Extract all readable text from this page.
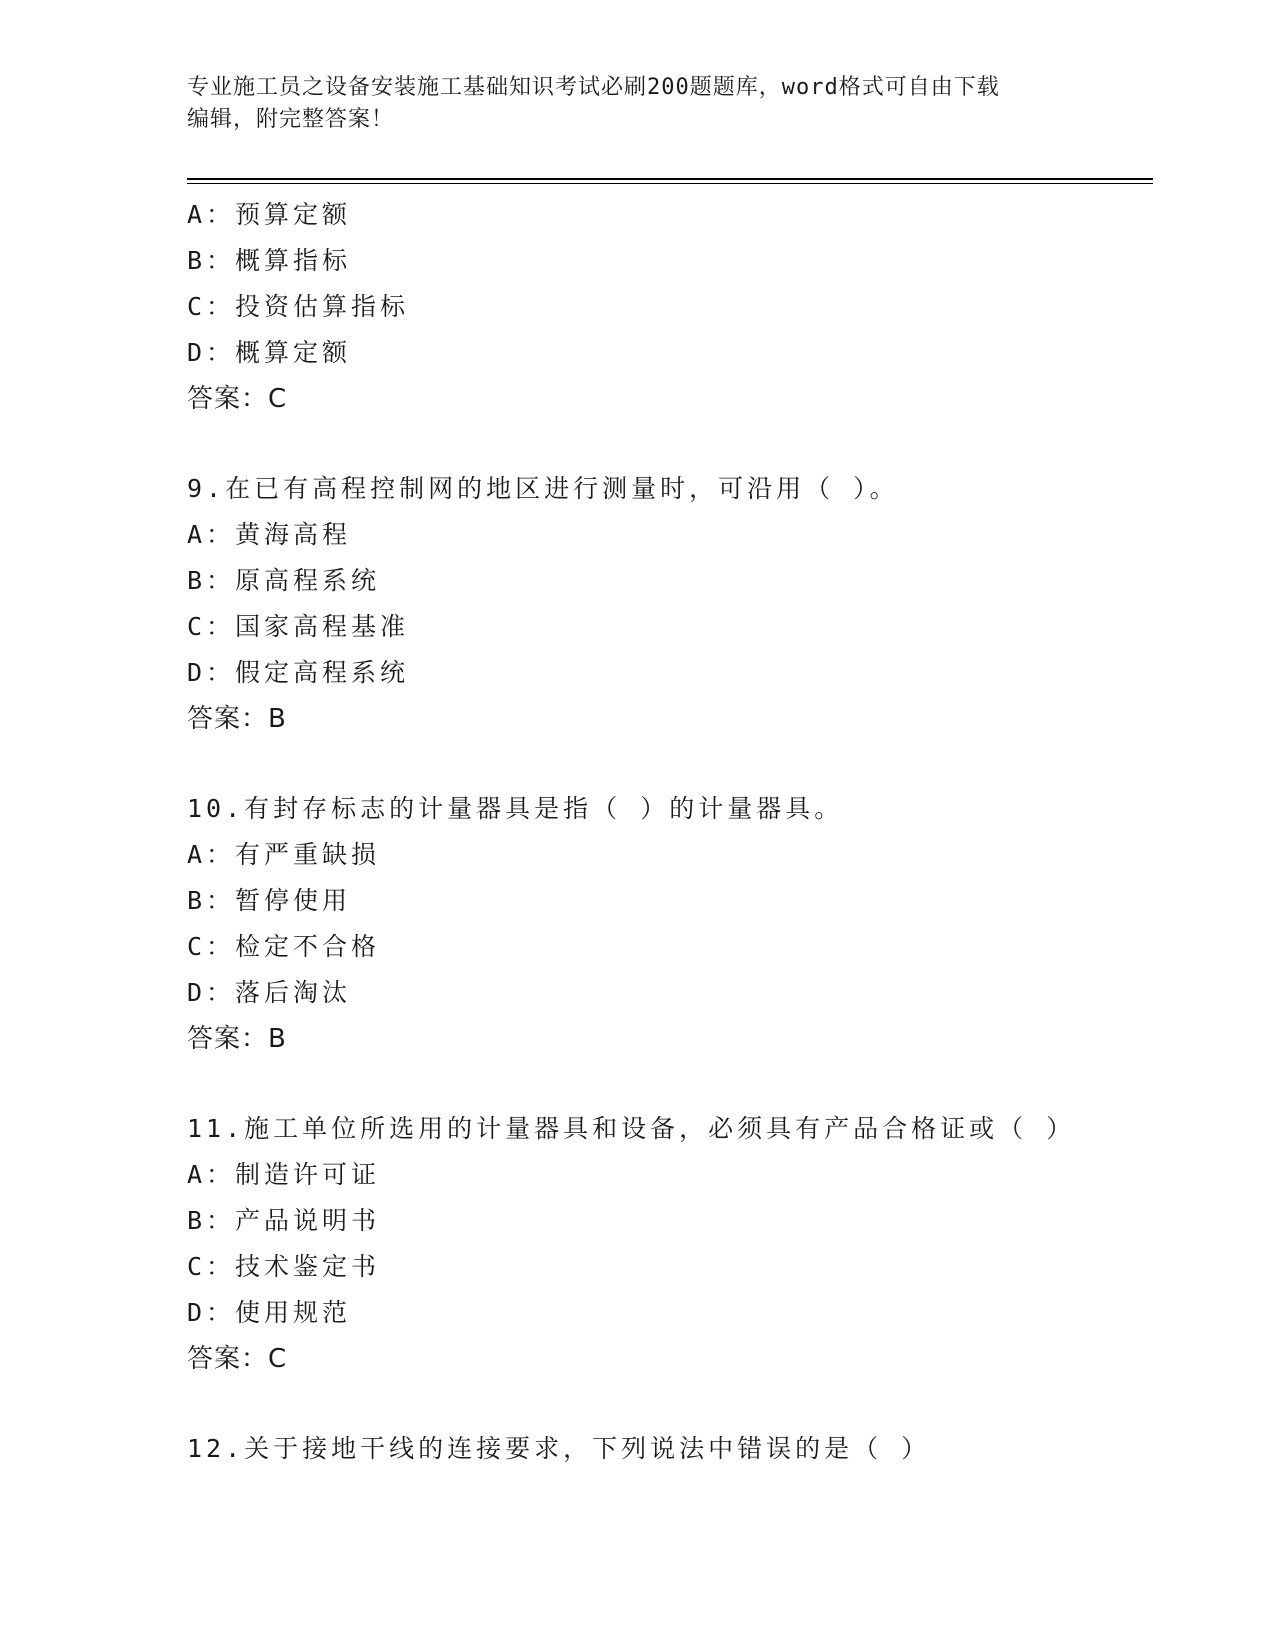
专业施工员之设备安装施工基础知识考试必刷200题题库，word格式可自由下载
编辑，附完整答案！
A：预算定额
B：概算指标
C：投资估算指标
D：概算定额
答案：C
9.在已有高程控制网的地区进行测量时，可沿用（ ）。
A：黄海高程
B：原高程系统
C：国家高程基准
D：假定高程系统
答案：B
10.有封存标志的计量器具是指（ ）的计量器具。
A：有严重缺损
B：暂停使用
C：检定不合格
D：落后淘汰
答案：B
11.施工单位所选用的计量器具和设备，必须具有产品合格证或（ ）
A：制造许可证
B：产品说明书
C：技术鉴定书
D：使用规范
答案：C
12.关于接地干线的连接要求，下列说法中错误的是（ ）
